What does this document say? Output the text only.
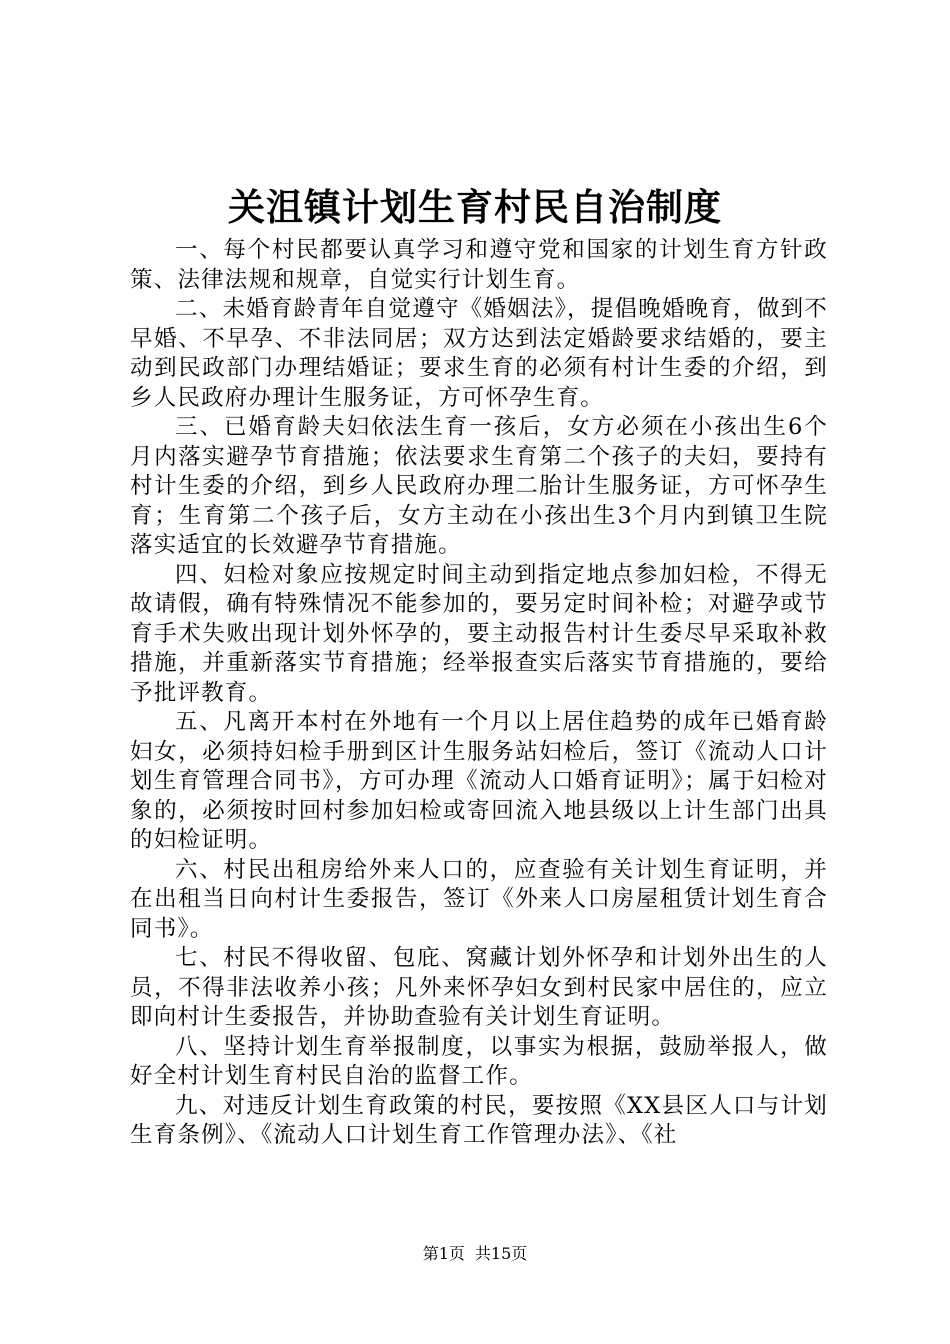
关沮镇计划生育村民自治制度

一、每个村民都要认真学习和遵守党和国家的计划生育方针政策、法律法规和规章，自觉实行计划生育。

二、未婚育龄青年自觉遵守《婚姻法》，提倡晚婚晚育，做到不早婚、不早孕、不非法同居；双方达到法定婚龄要求结婚的，要主动到民政部门办理结婚证；要求生育的必须有村计生委的介绍，到乡人民政府办理计生服务证，方可怀孕生育。

三、已婚育龄夫妇依法生育一孩后，女方必须在小孩出生6个月内落实避孕节育措施；依法要求生育第二个孩子的夫妇，要持有村计生委的介绍，到乡人民政府办理二胎计生服务证，方可怀孕生育；生育第二个孩子后，女方主动在小孩出生3个月内到镇卫生院落实适宜的长效避孕节育措施。

四、妇检对象应按规定时间主动到指定地点参加妇检，不得无故请假，确有特殊情况不能参加的，要另定时间补检；对避孕或节育手术失败出现计划外怀孕的，要主动报告村计生委尽早采取补救措施，并重新落实节育措施；经举报查实后落实节育措施的，要给予批评教育。

五、凡离开本村在外地有一个月以上居住趋势的成年已婚育龄妇女，必须持妇检手册到区计生服务站妇检后，签订《流动人口计划生育管理合同书》，方可办理《流动人口婚育证明》；属于妇检对象的，必须按时回村参加妇检或寄回流入地县级以上计生部门出具的妇检证明。

六、村民出租房给外来人口的，应查验有关计划生育证明，并在出租当日向村计生委报告，签订《外来人口房屋租赁计划生育合同书》。

七、村民不得收留、包庇、窝藏计划外怀孕和计划外出生的人员，不得非法收养小孩；凡外来怀孕妇女到村民家中居住的，应立即向村计生委报告，并协助查验有关计划生育证明。

八、坚持计划生育举报制度，以事实为根据，鼓励举报人，做好全村计划生育村民自治的监督工作。

九、对违反计划生育政策的村民，要按照《XX县区人口与计划生育条例》、《流动人口计划生育工作管理办法》、《社

第1页 共15页
